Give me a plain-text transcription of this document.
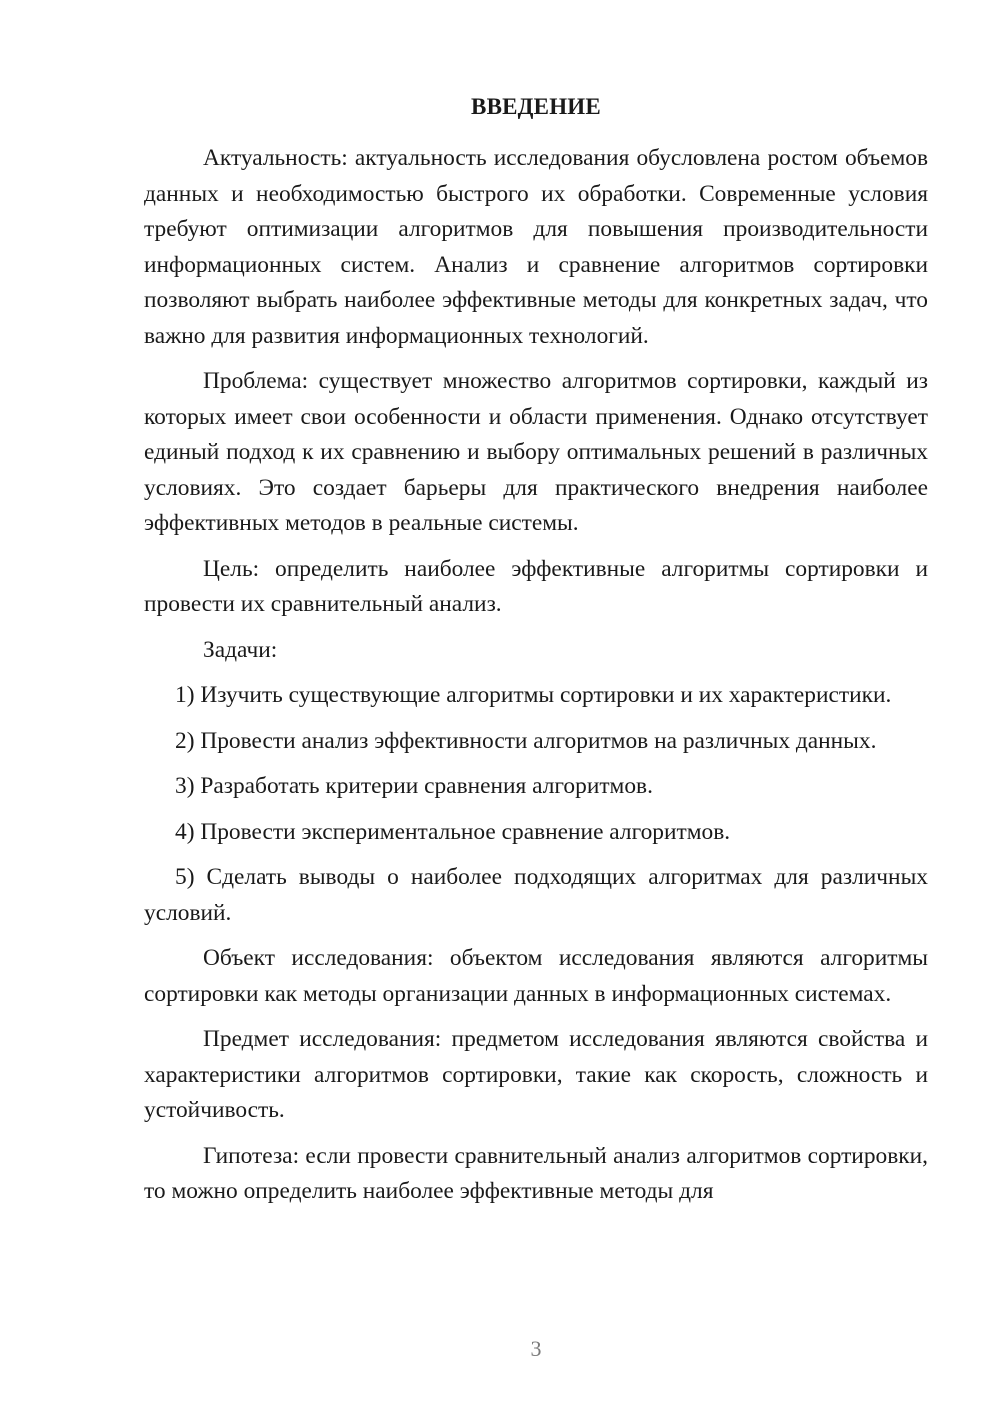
ВВЕДЕНИЕ

Актуальность: актуальность исследования обусловлена ростом объемов данных и необходимостью быстрого их обработки. Современные условия требуют оптимизации алгоритмов для повышения производительности информационных систем. Анализ и сравнение алгоритмов сортировки позволяют выбрать наиболее эффективные методы для конкретных задач, что важно для развития информационных технологий.

Проблема: существует множество алгоритмов сортировки, каждый из которых имеет свои особенности и области применения. Однако отсутствует единый подход к их сравнению и выбору оптимальных решений в различных условиях. Это создает барьеры для практического внедрения наиболее эффективных методов в реальные системы.

Цель: определить наиболее эффективные алгоритмы сортировки и провести их сравнительный анализ.

Задачи:

1) Изучить существующие алгоритмы сортировки и их характеристики.

2) Провести анализ эффективности алгоритмов на различных данных.

3) Разработать критерии сравнения алгоритмов.

4) Провести экспериментальное сравнение алгоритмов.

5) Сделать выводы о наиболее подходящих алгоритмах для различных условий.

Объект исследования: объектом исследования являются алгоритмы сортировки как методы организации данных в информационных системах.

Предмет исследования: предметом исследования являются свойства и характеристики алгоритмов сортировки, такие как скорость, сложность и устойчивость.

Гипотеза: если провести сравнительный анализ алгоритмов сортировки, то можно определить наиболее эффективные методы для

3
